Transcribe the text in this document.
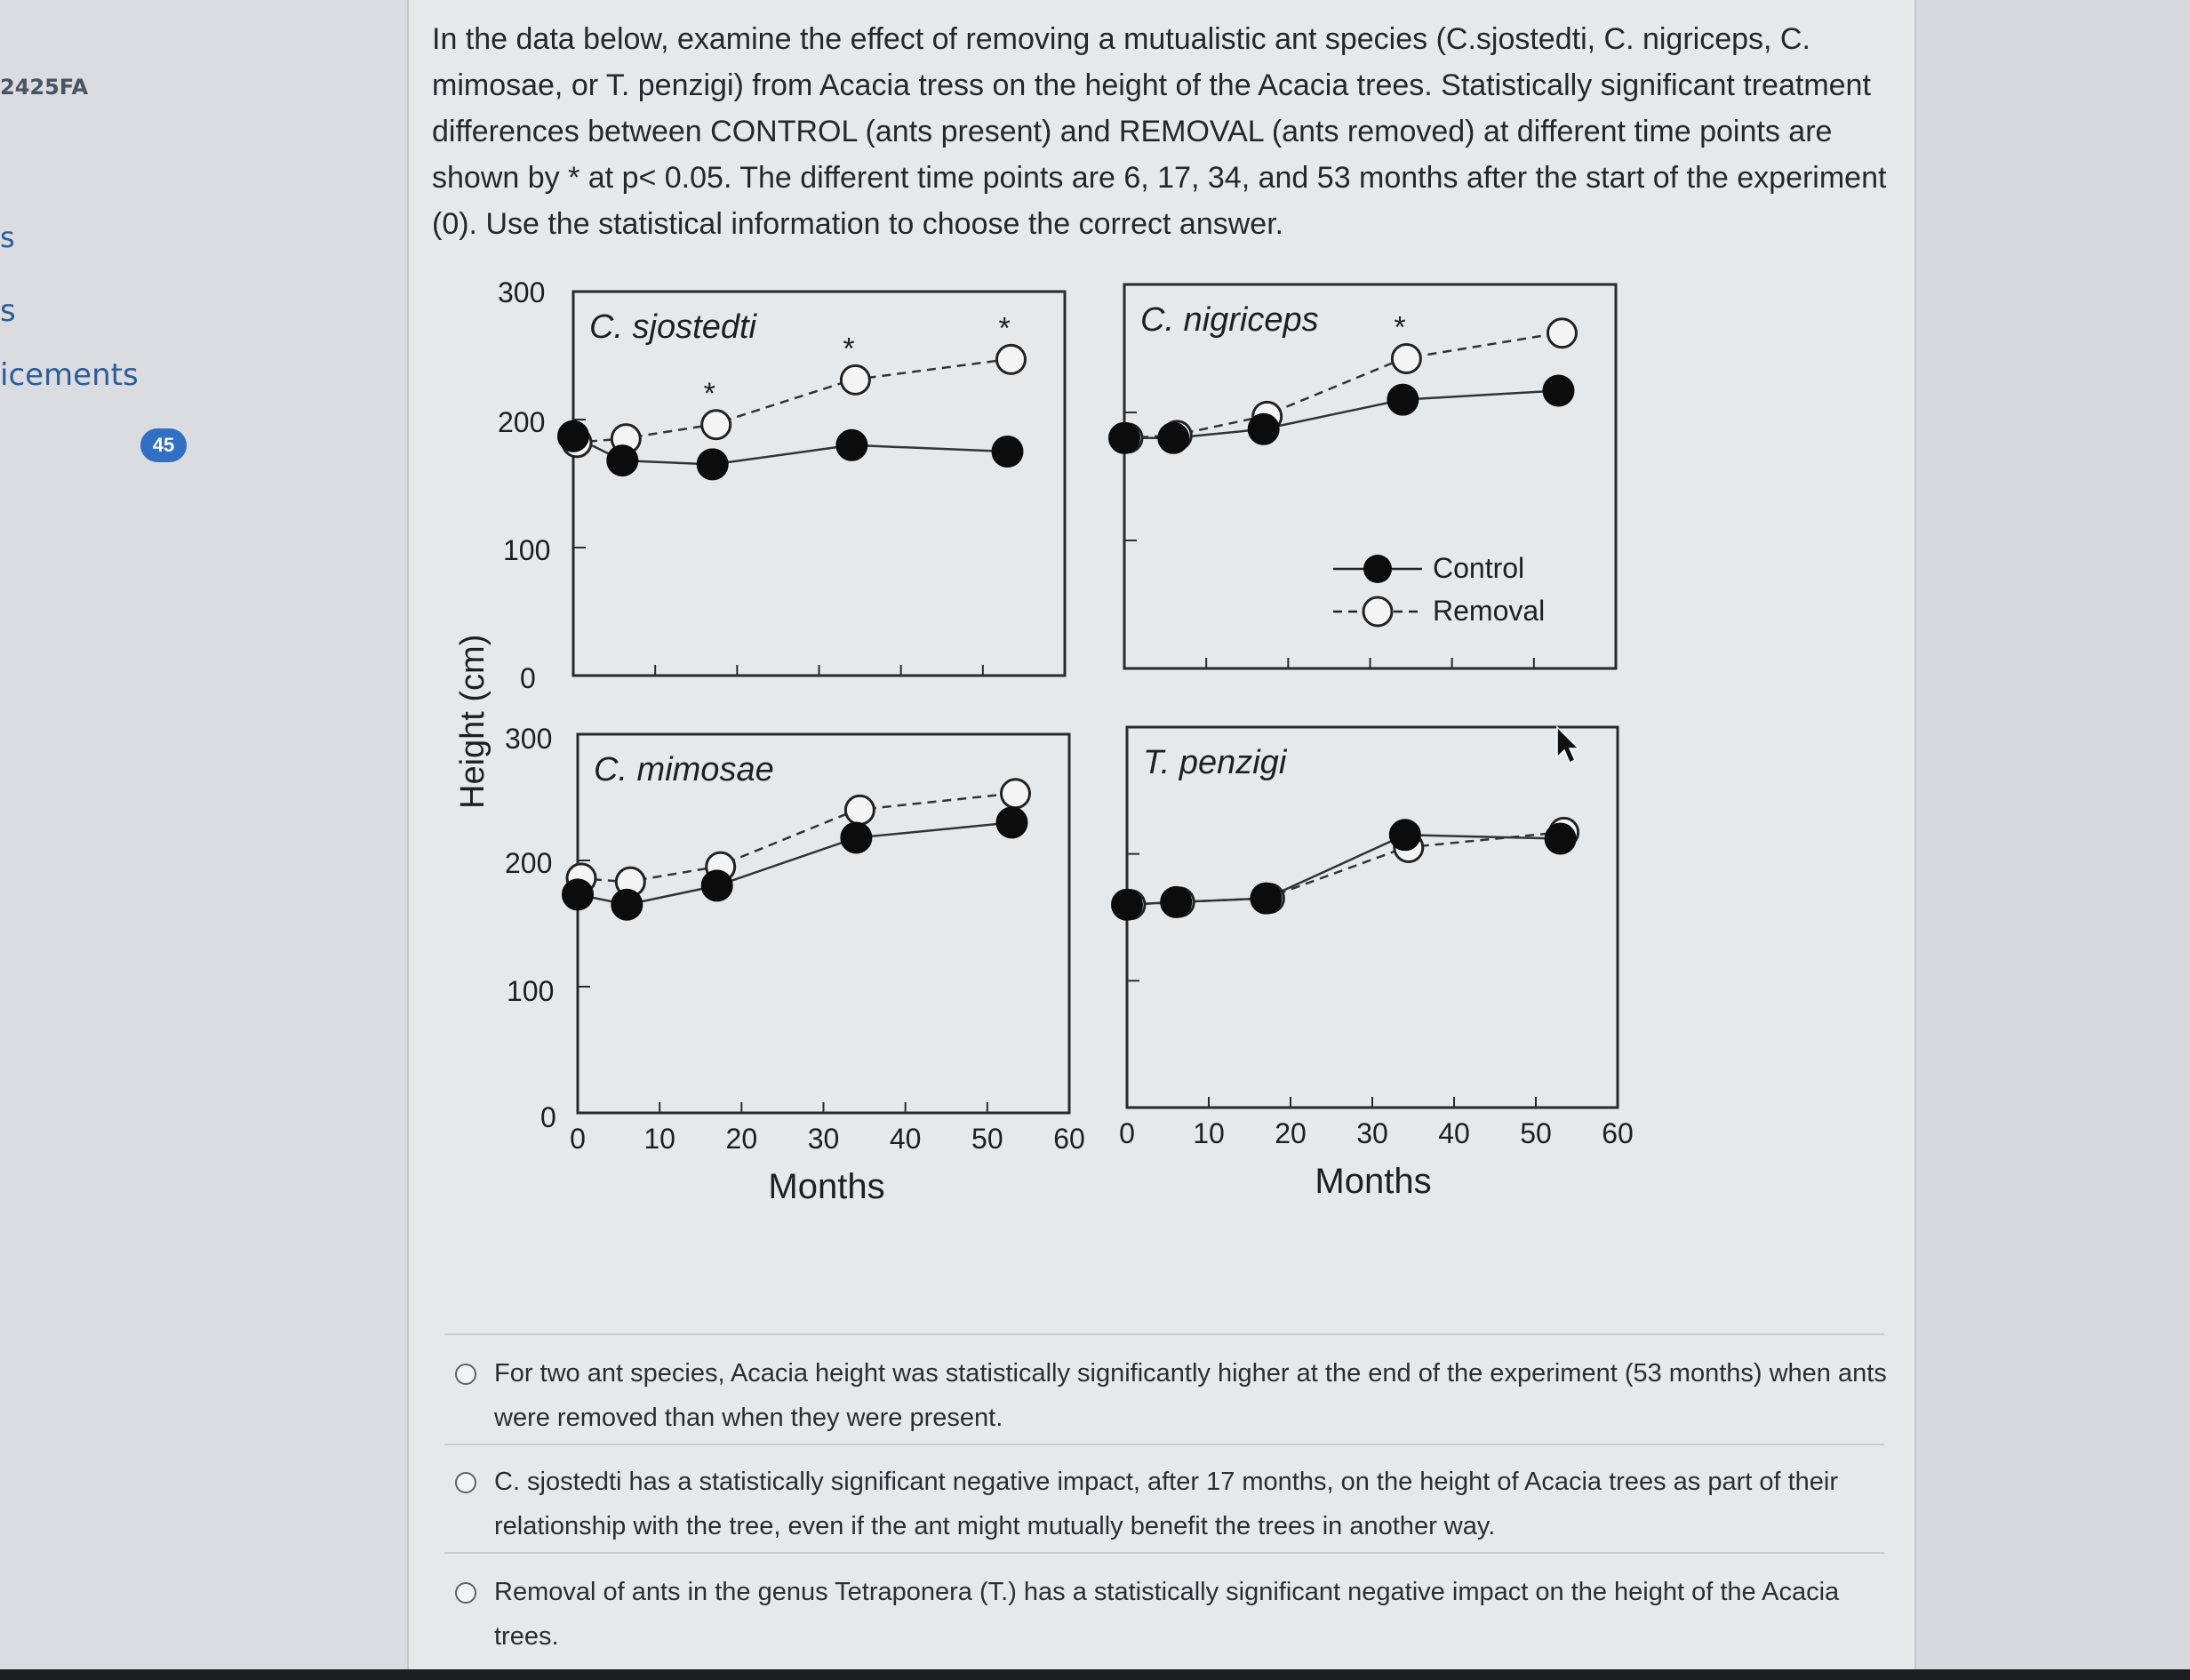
2425FA
s
s
icements
45
In the data below, examine the effect of removing a mutualistic ant species (C.sjostedti, C. nigriceps, C. mimosae, or T. penzigi) from Acacia tress on the height of the Acacia trees. Statistically significant treatment differences between CONTROL (ants present) and REMOVAL (ants removed) at different time points are shown by * at p< 0.05. The different time points are 6, 17, 34, and 53 months after the start of the experiment (0). Use the statistical information to choose the correct answer.
C. sjostedti
*
*
*	C. nigriceps *
C. mimosae	T. penzigi
300
300
200
200
100
100
0
0
Height (cm)
0	0
10	10
20	20
30	30
40	40
50	50
60	60
Months	Months
Control
Removal
For two ant species, Acacia height was statistically significantly higher at the end of the experiment (53 months) when ants were removed than when they were present.
C. sjostedti has a statistically significant negative impact, after 17 months, on the height of Acacia trees as part of their relationship with the tree, even if the ant might mutually benefit the trees in another way.
Removal of ants in the genus Tetraponera (T.) has a statistically significant negative impact on the height of the Acacia trees.
